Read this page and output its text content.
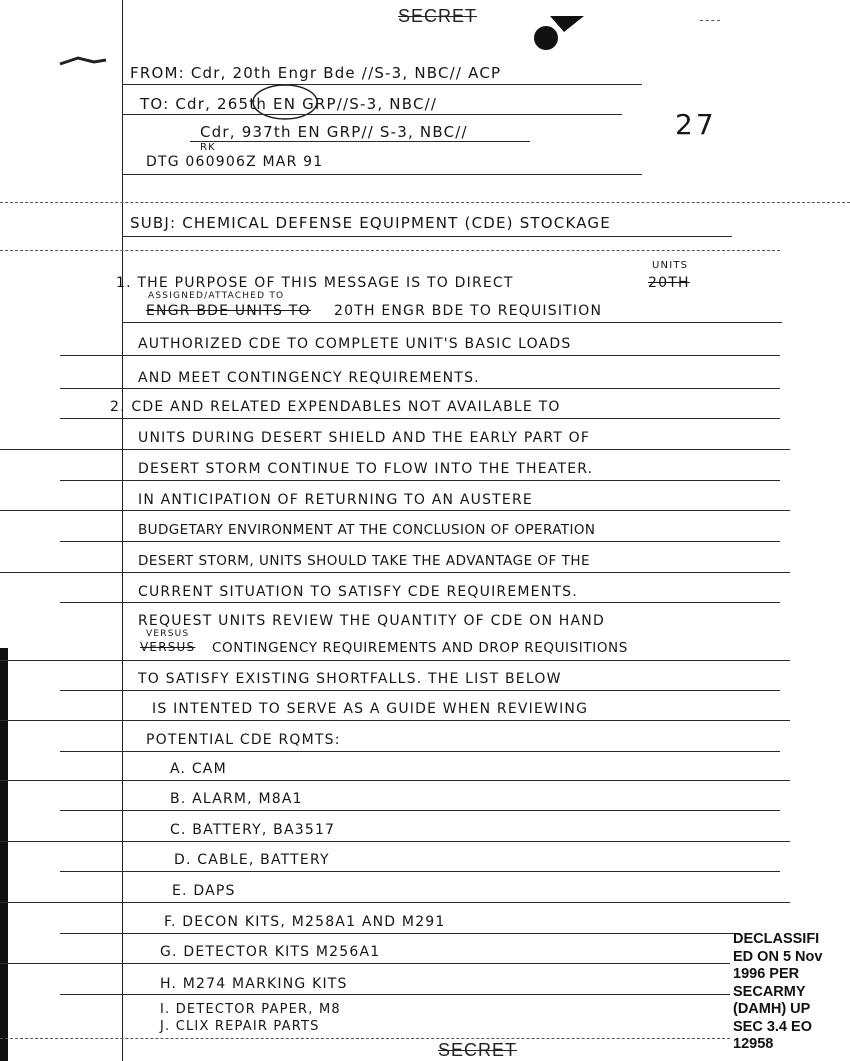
SECRET
FROM: Cdr, 20th Engr Bde //S-3, NBC// ACP
TO: Cdr, 265th EN GRP//S-3, NBC//
Cdr, 937th EN GRP// S-3, NBC//	27
RK
DTG 060906Z MAR 91
SUBJ: CHEMICAL DEFENSE EQUIPMENT (CDE) STOCKAGE
UNITS
1. THE PURPOSE OF THIS MESSAGE IS TO DIRECT	20TH
ASSIGNED/ATTACHED TO
ENGR BDE UNITS TO 20TH ENGR BDE TO REQUISITION
AUTHORIZED CDE TO COMPLETE UNIT'S BASIC LOADS
AND MEET CONTINGENCY REQUIREMENTS.
2. CDE AND RELATED EXPENDABLES NOT AVAILABLE TO
UNITS DURING DESERT SHIELD AND THE EARLY PART OF
DESERT STORM CONTINUE TO FLOW INTO THE THEATER.
IN ANTICIPATION OF RETURNING TO AN AUSTERE
BUDGETARY ENVIRONMENT AT THE CONCLUSION OF OPERATION
DESERT STORM, UNITS SHOULD TAKE THE ADVANTAGE OF THE
CURRENT SITUATION TO SATISFY CDE REQUIREMENTS.
REQUEST UNITS REVIEW THE QUANTITY OF CDE ON HAND
VERSUS
VERSUS CONTINGENCY REQUIREMENTS AND DROP REQUISITIONS
TO SATISFY EXISTING SHORTFALLS. THE LIST BELOW
IS INTENTED TO SERVE AS A GUIDE WHEN REVIEWING
POTENTIAL CDE RQMTS:
A. CAM
B. ALARM, M8A1
C. BATTERY, BA3517
D. CABLE, BATTERY
E. DAPS
F. DECON KITS, M258A1 AND M291
G. DETECTOR KITS M256A1
H. M274 MARKING KITS
I. DETECTOR PAPER, M8
J. CLIX REPAIR PARTS
SECRET
DECLASSIFI
ED ON 5 Nov
1996 PER
SECARMY
(DAMH) UP
SEC 3.4 EO
12958
